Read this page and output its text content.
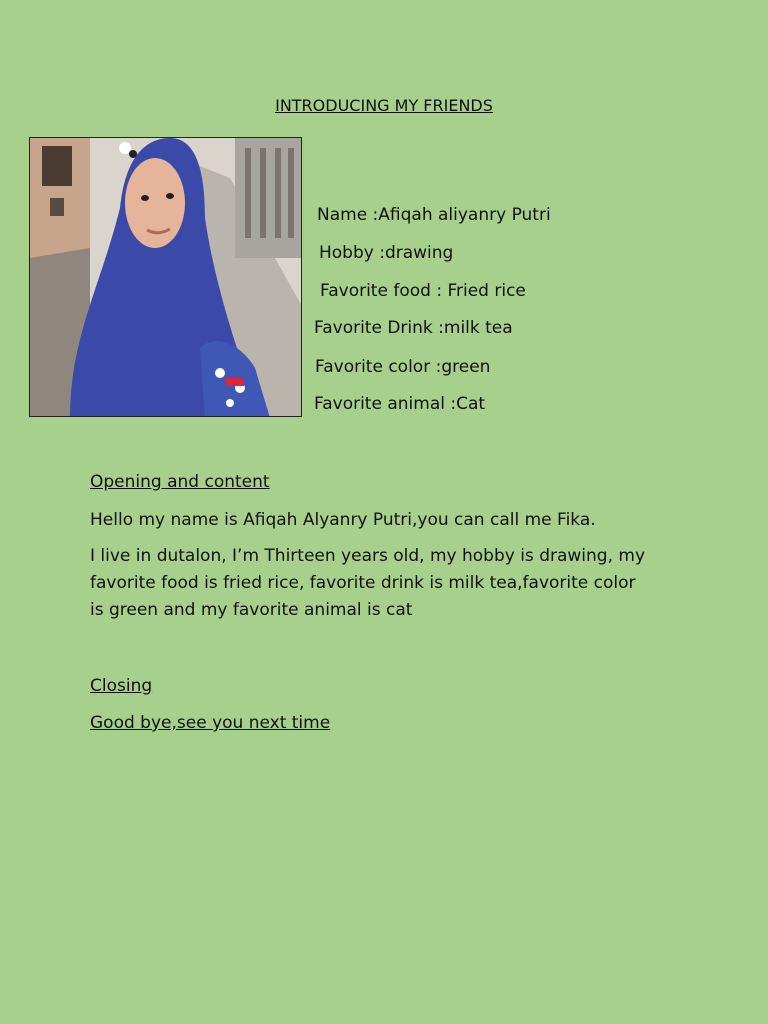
INTRODUCING MY FRIENDS
Name :Afiqah aliyanry Putri
Hobby :drawing
Favorite food : Fried rice
Favorite Drink :milk tea
Favorite color :green
Favorite animal :Cat
Opening and content
Hello my name is Afiqah Alyanry Putri,you can call me Fika.
I live in dutalon, I’m Thirteen years old, my hobby is drawing, my favorite food is fried rice, favorite drink is milk tea,favorite color is green and my favorite animal is cat
Closing
Good bye,see you next time
